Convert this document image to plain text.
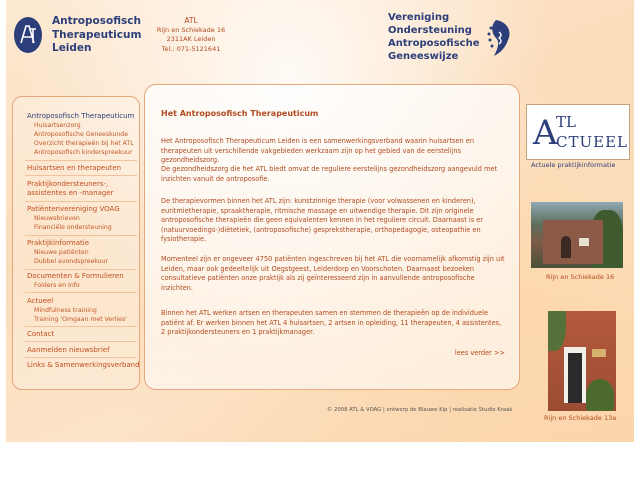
Antroposofisch
Therapeuticum
Leiden
ATL
Rijn en Schiekade 16
2311AK Leiden
Tel.: 071-5121641
Vereniging
Ondersteuning
Antroposofische
Geneeswijze
Antroposofisch Therapeuticum
Huisartsenzorg
Antroposofische Geneeskunde
Overzicht therapieën bij het ATL
Antroposofisch kinderspreekuur
Huisartsen en therapeuten
Praktijkondersteuners-,
assistentes en -manager
Patiëntenvereniging VOAG
Nieuwsbrieven
Financiële ondersteuning
Praktijkinformatie
Nieuwe patiënten
Dubbel avondspreekuur
Documenten & Formulieren
Folders en Info
Actueel
Mindfulness training
Training 'Omgaan met Verlies'
Contact
Aanmelden nieuwsbrief
Links & Samenwerkingsverband
Het Antroposofisch Therapeuticum
Het Antroposofisch Therapeuticum Leiden is een samenwerkingsverband waarin huisartsen en therapeuten uit verschillende vakgebieden werkzaam zijn op het gebied van de eerstelijns gezondheidszorg.
De gezondheidszorg die het ATL biedt omvat de reguliere eerstelijns gezondheidszorg aangevuld met inzichten vanuit de antroposofie.
De therapievormen binnen het ATL zijn: kunstzinnige therapie (voor volwassenen en kinderen), euritmietherapie, spraaktherapie, ritmische massage en uitwendige therapie. Dit zijn originele antroposofische therapieën die geen equivalenten kennen in het reguliere circuit. Daarnaast is er (natuurvoedings-)diëtetiek, (antroposofische) gesprekstherapie, orthopedagogie, osteopathie en fysiotherapie.
Momenteel zijn er ongeveer 4750 patiënten ingeschreven bij het ATL die voornamelijk afkomstig zijn uit Leiden, maar ook gedeeltelijk uit Oegstgeest, Leiderdorp en Voorschoten. Daarnaast bezoeken consultatieve patiënten onze praktijk als zij geïnteresseerd zijn in aanvullende antroposofische inzichten.
Binnen het ATL werken artsen en therapeuten samen en stemmen de therapieën op de individuele patiënt af. Er werken binnen het ATL 4 huisartsen, 2 artsen in opleiding, 11 therapeuten, 4 assistentes, 2 praktijkondersteuners en 1 praktijkmanager.
lees verder >>
© 2008 ATL & VOAG | ontwerp de Blauwe Kip | realisatie Studio Kraak
A
TL
CTUEEL
Actuele praktijkinformatie
Rijn en Schiekade 16
Rijn en Schiekade 13a
